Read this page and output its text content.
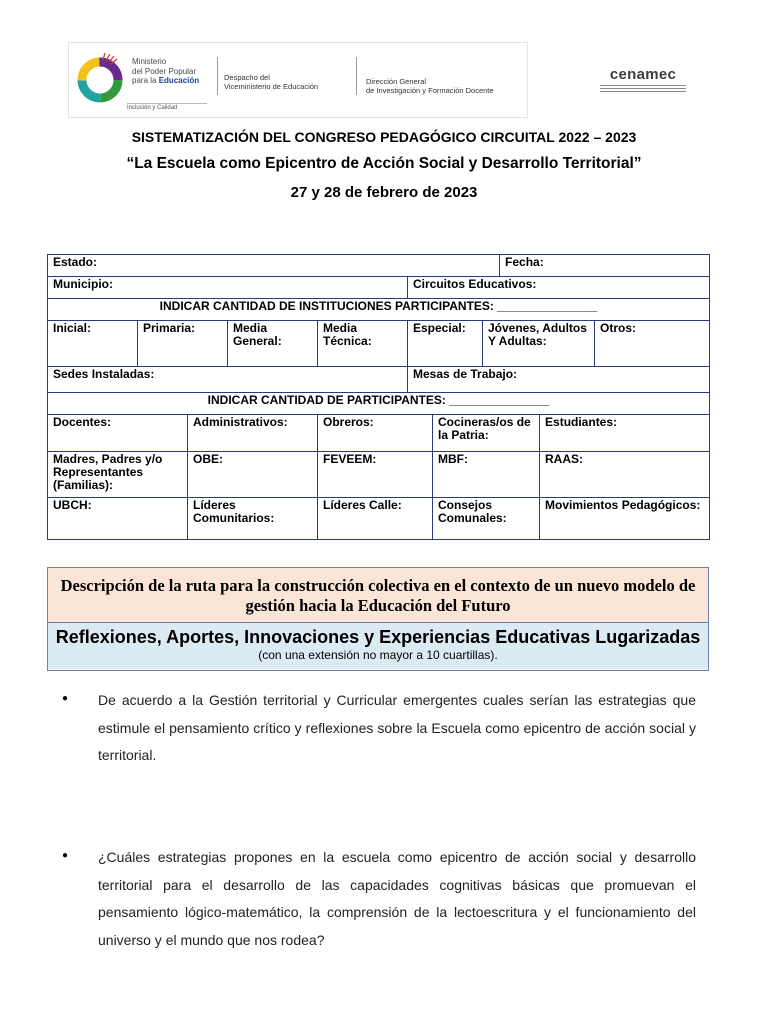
Ministerio
del Poder Popular
para la Educación
Inclusión y Calidad
Despacho del
Viceministerio de Educación
Dirección General
de Investigación y Formación Docente
cenamec
SISTEMATIZACIÓN DEL CONGRESO PEDAGÓGICO CIRCUITAL 2022 – 2023
“La Escuela como Epicentro de Acción Social y Desarrollo Territorial”
27 y 28 de febrero de 2023
Estado:								Fecha:		
Municipio:					Circuitos Educativos:					
INDICAR CANTIDAD DE INSTITUCIONES PARTICIPANTES: _______________										
Inicial:	Primaria:		Media General:	Media Técnica:	Especial:		Jóvenes, Adultos Y Adultas:			Otros:
Sedes Instaladas:					Mesas de Trabajo:					
INDICAR CANTIDAD DE PARTICIPANTES: _______________										
Docentes:		Administrativos:		Obreros:		Cocineras/os de la Patria:			Estudiantes:	
Madres, Padres y/o Representantes (Familias):		OBE:		FEVEEM:		MBF:			RAAS:	
UBCH:		Líderes Comunitarios:		Líderes Calle:		Consejos Comunales:			Movimientos Pedagógicos:	
Descripción de la ruta para la construcción colectiva en el contexto de un nuevo modelo de gestión hacia la Educación del Futuro
Reflexiones, Aportes, Innovaciones y Experiencias Educativas Lugarizadas
(con una extensión no mayor a 10 cuartillas).
● De acuerdo a la Gestión territorial y Curricular emergentes cuales serían las estrategias que estimule el pensamiento crítico y reflexiones sobre la Escuela como epicentro de acción social y territorial.
● ¿Cuáles estrategias propones en la escuela como epicentro de acción social y desarrollo territorial para el desarrollo de las capacidades cognitivas básicas que promuevan el pensamiento lógico-matemático, la comprensión de la lectoescritura y el funcionamiento del universo y el mundo que nos rodea?
